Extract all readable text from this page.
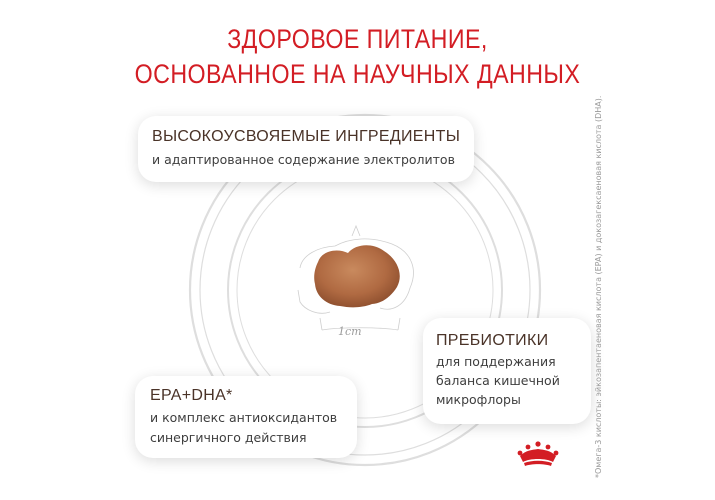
ЗДОРОВОЕ ПИТАНИЕ,
ОСНОВАННОЕ НА НАУЧНЫХ ДАННЫХ
1cm
ВЫСОКОУСВОЯЕМЫЕ ИНГРЕДИЕНТЫ
и адаптированное содержание электролитов
ПРЕБИОТИКИ
для поддержания
баланса кишечной
микрофлоры
EPA+DHA*
и комплекс антиоксидантов
синергичного действия	*Омега-3 кислоты: эйкозапентаеновая кислота (EPA) и докозагексаеновая кислота (DHA).
